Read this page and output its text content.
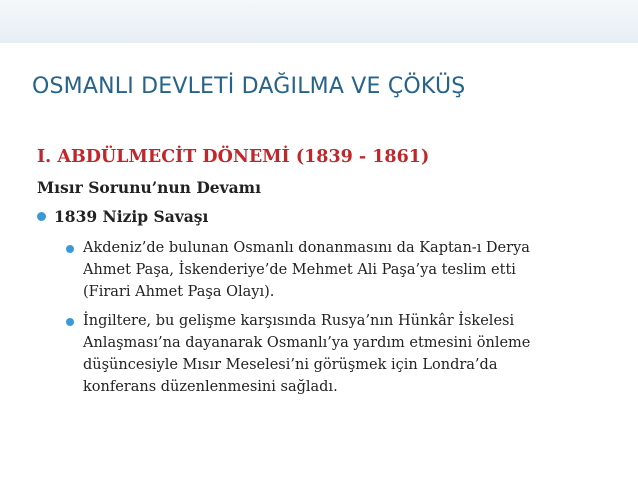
OSMANLI DEVLETİ DAĞILMA VE ÇÖKÜŞ
I. ABDÜLMECİT DÖNEMİ (1839 - 1861)
Mısır Sorunu’nun Devamı
1839 Nizip Savaşı
Akdeniz’de bulunan Osmanlı donanmasını da Kaptan-ı Derya
Ahmet Paşa, İskenderiye’de Mehmet Ali Paşa’ya teslim etti
(Firari Ahmet Paşa Olayı).
İngiltere, bu gelişme karşısında Rusya’nın Hünkâr İskelesi
Anlaşması’na dayanarak Osmanlı’ya yardım etmesini önleme
düşüncesiyle Mısır Meselesi’ni görüşmek için Londra’da
konferans düzenlenmesini sağladı.
